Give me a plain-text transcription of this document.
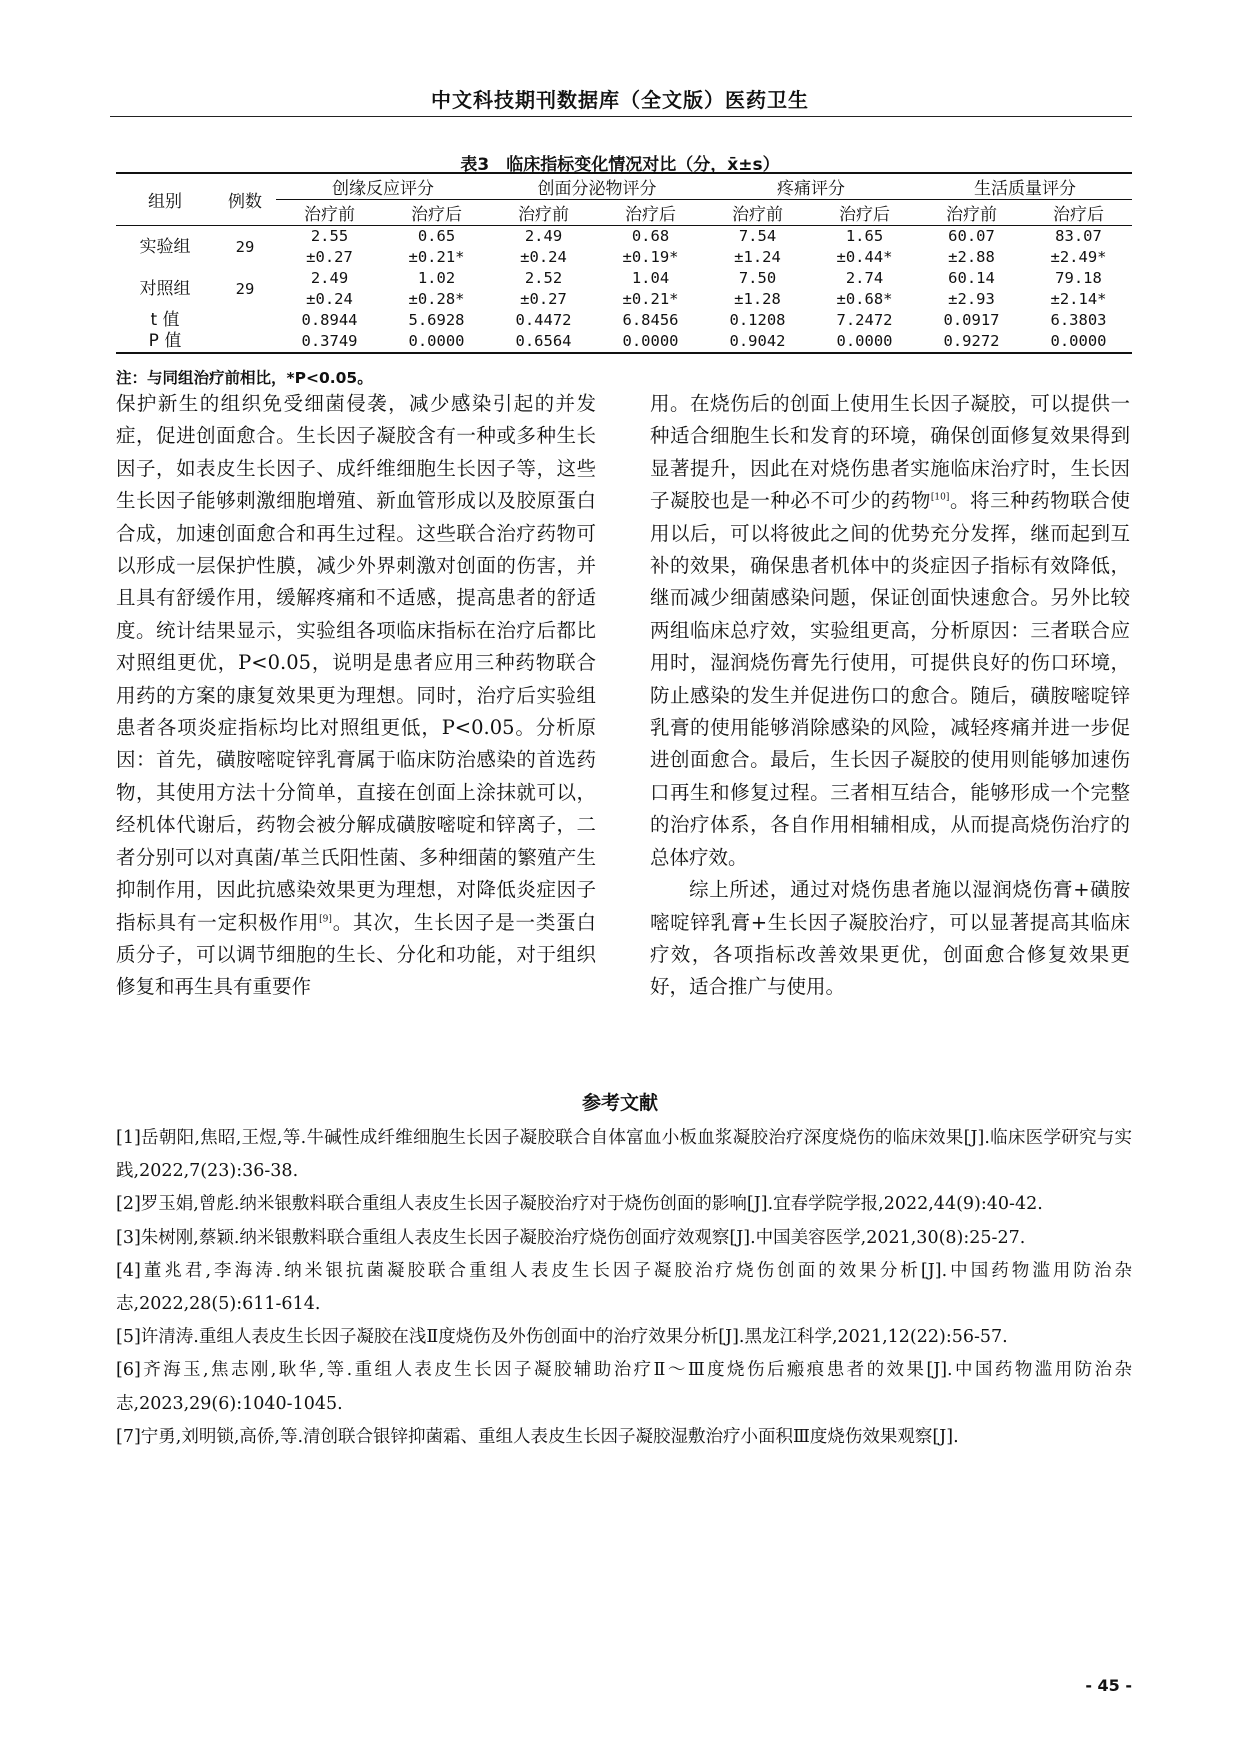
中文科技期刊数据库（全文版）医药卫生
表3　临床指标变化情况对比（分，x̄±s）
组别	例数	创缘反应评分		创面分泌物评分		疼痛评分		生活质量评分	
		治疗前	治疗后	治疗前	治疗后	治疗前	治疗后	治疗前	治疗后
实验组	29	2.55	0.65	2.49	0.68	7.54	1.65	60.07	83.07
		±0.27	±0.21*	±0.24	±0.19*	±1.24	±0.44*	±2.88	±2.49*
对照组	29	2.49	1.02	2.52	1.04	7.50	2.74	60.14	79.18
		±0.24	±0.28*	±0.27	±0.21*	±1.28	±0.68*	±2.93	±2.14*
t 值		0.8944	5.6928	0.4472	6.8456	0.1208	7.2472	0.0917	6.3803
P 值		0.3749	0.0000	0.6564	0.0000	0.9042	0.0000	0.9272	0.0000
注：与同组治疗前相比，*P<0.05。

保护新生的组织免受细菌侵袭，减少感染引起的并发症，促进创面愈合。生长因子凝胶含有一种或多种生长因子，如表皮生长因子、成纤维细胞生长因子等，这些生长因子能够刺激细胞增殖、新血管形成以及胶原蛋白合成，加速创面愈合和再生过程。这些联合治疗药物可以形成一层保护性膜，减少外界刺激对创面的伤害，并且具有舒缓作用，缓解疼痛和不适感，提高患者的舒适度。统计结果显示，实验组各项临床指标在治疗后都比对照组更优，P<0.05，说明是患者应用三种药物联合用药的方案的康复效果更为理想。同时，治疗后实验组患者各项炎症指标均比对照组更低，P<0.05。分析原因：首先，磺胺嘧啶锌乳膏属于临床防治感染的首选药物，其使用方法十分简单，直接在创面上涂抹就可以，经机体代谢后，药物会被分解成磺胺嘧啶和锌离子，二者分别可以对真菌/革兰氏阳性菌、多种细菌的繁殖产生抑制作用，因此抗感染效果更为理想，对降低炎症因子指标具有一定积极作用[9]。其次，生长因子是一类蛋白质分子，可以调节细胞的生长、分化和功能，对于组织修复和再生具有重要作

用。在烧伤后的创面上使用生长因子凝胶，可以提供一种适合细胞生长和发育的环境，确保创面修复效果得到显著提升，因此在对烧伤患者实施临床治疗时，生长因子凝胶也是一种必不可少的药物[10]。将三种药物联合使用以后，可以将彼此之间的优势充分发挥，继而起到互补的效果，确保患者机体中的炎症因子指标有效降低，继而减少细菌感染问题，保证创面快速愈合。另外比较两组临床总疗效，实验组更高，分析原因：三者联合应用时，湿润烧伤膏先行使用，可提供良好的伤口环境，防止感染的发生并促进伤口的愈合。随后，磺胺嘧啶锌乳膏的使用能够消除感染的风险，减轻疼痛并进一步促进创面愈合。最后，生长因子凝胶的使用则能够加速伤口再生和修复过程。三者相互结合，能够形成一个完整的治疗体系，各自作用相辅相成，从而提高烧伤治疗的总体疗效。

综上所述，通过对烧伤患者施以湿润烧伤膏+磺胺嘧啶锌乳膏+生长因子凝胶治疗，可以显著提高其临床疗效，各项指标改善效果更优，创面愈合修复效果更好，适合推广与使用。

参考文献
[1]岳朝阳,焦昭,王煜,等.牛碱性成纤维细胞生长因子凝胶联合自体富血小板血浆凝胶治疗深度烧伤的临床效果[J].临床医学研究与实践,2022,7(23):36-38.
[2]罗玉娟,曾彪.纳米银敷料联合重组人表皮生长因子凝胶治疗对于烧伤创面的影响[J].宜春学院学报,2022,44(9):40-42.
[3]朱树刚,蔡颖.纳米银敷料联合重组人表皮生长因子凝胶治疗烧伤创面疗效观察[J].中国美容医学,2021,30(8):25-27.
[4]董兆君,李海涛.纳米银抗菌凝胶联合重组人表皮生长因子凝胶治疗烧伤创面的效果分析[J].中国药物滥用防治杂志,2022,28(5):611-614.
[5]许清涛.重组人表皮生长因子凝胶在浅Ⅱ度烧伤及外伤创面中的治疗效果分析[J].黑龙江科学,2021,12(22):56-57.
[6]齐海玉,焦志刚,耿华,等.重组人表皮生长因子凝胶辅助治疗Ⅱ～Ⅲ度烧伤后瘢痕患者的效果[J].中国药物滥用防治杂志,2023,29(6):1040-1045.
[7]宁勇,刘明锁,高侨,等.清创联合银锌抑菌霜、重组人表皮生长因子凝胶湿敷治疗小面积Ⅲ度烧伤效果观察[J].
- 45 -
